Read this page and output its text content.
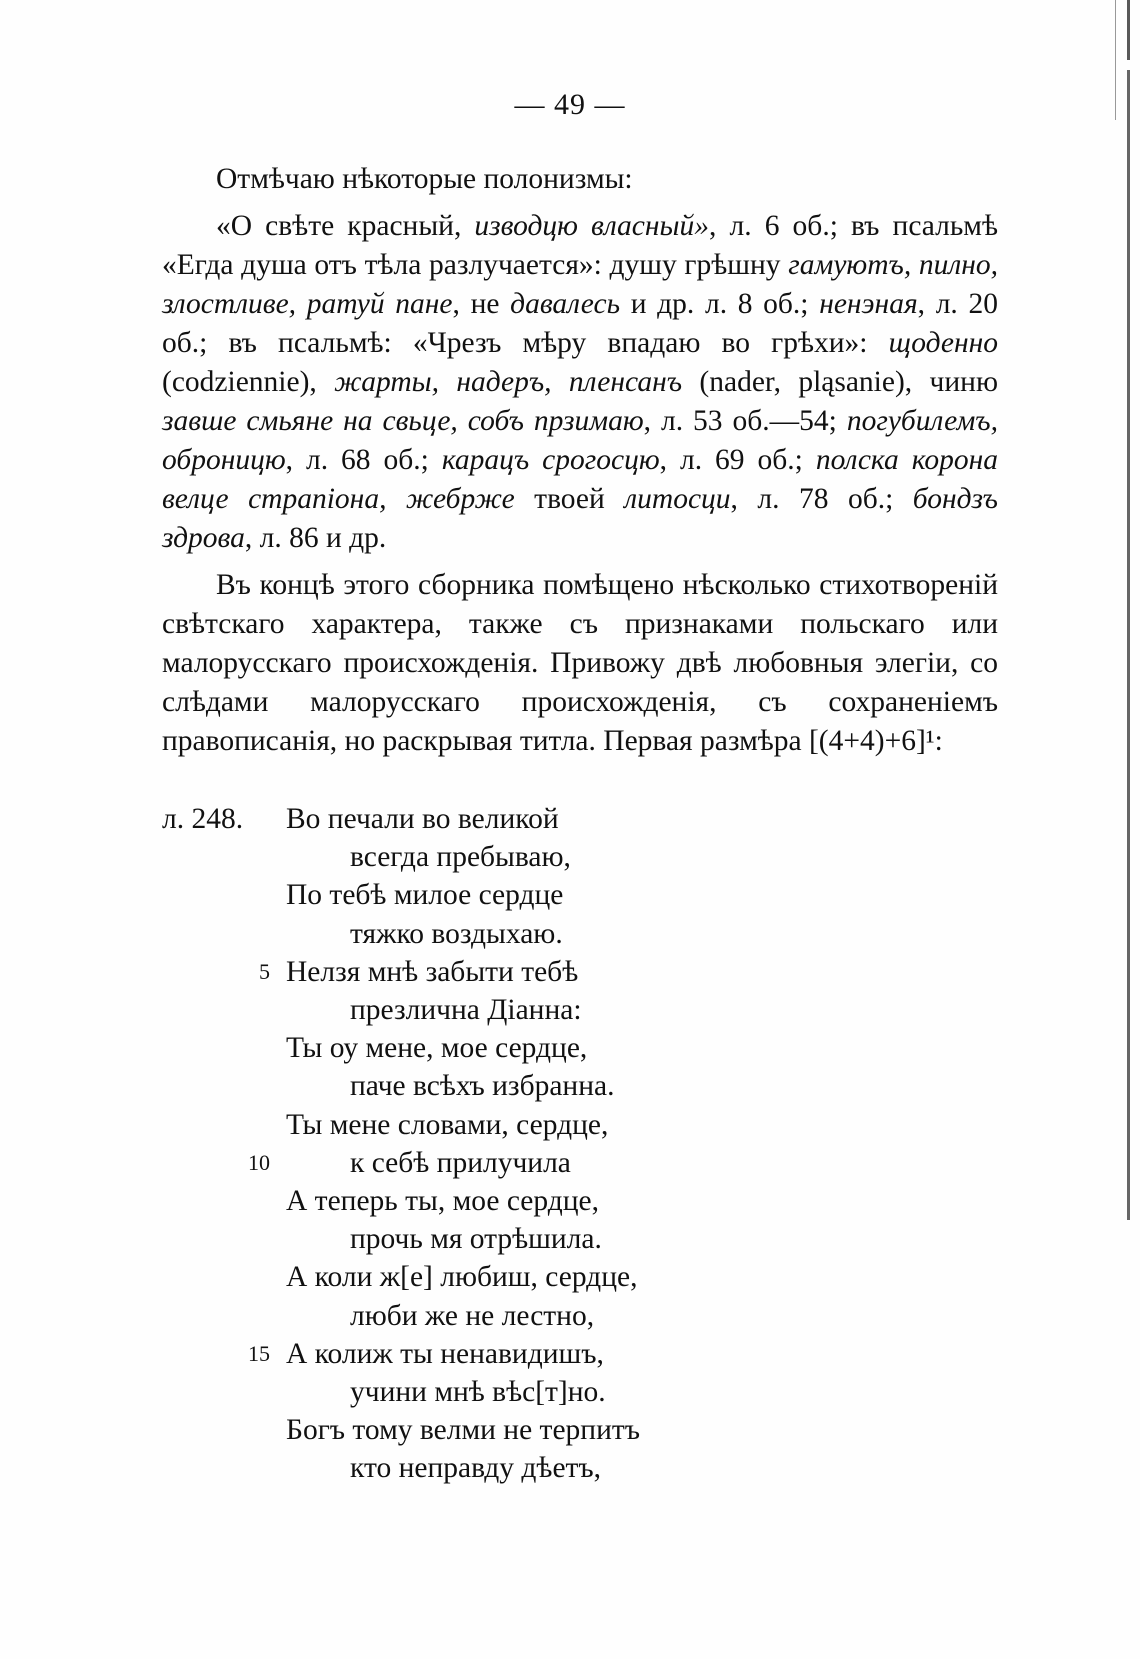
— 49 —

Отмѣчаю нѣкоторые полонизмы:

«О свѣте красный, изводцю власный», л. 6 об.; въ псальмѣ «Егда душа отъ тѣла разлучается»: душу грѣшну гамуютъ, пилно, злостливе, ратуй пане, не давалесь и др. л. 8 об.; ненэная, л. 20 об.; въ псальмѣ: «Чрезъ мѣру впадаю во грѣхи»: щоденно (codziennie), жарты, надеръ, пленсанъ (nader, pląsanie), чиню завше смьяне на свьце, собъ прзимаю, л. 53 об.—54; погубилемъ, оброницю, л. 68 об.; карацъ срогосцю, л. 69 об.; полска корона велце страпiона, жебрже твоей литосци, л. 78 об.; бондзъ здрова, л. 86 и др.

Въ концѣ этого сборника помѣщено нѣсколько стихотвореній свѣтскаго характера, также съ признаками польскаго или малорусскаго происхожденія. Привожу двѣ любовныя элегіи, со слѣдами малорусскаго происхожденія, съ сохраненіемъ правописанія, но раскрывая титла. Первая размѣра [(4+4)+6]¹:

л. 248. Во печали во великой
всегда пребываю,
По тебѣ милое сердце
тяжко воздыхаю.
Нелзя мнѣ забыти тебѣ
5
презлична Діанна:
Ты оу мене, мое сердце,
паче всѣхъ избранна.
Ты мене словами, сердце,
к себѣ прилучила
10
А теперь ты, мое сердце,
прочь мя отрѣшила.
А коли ж[е] любиш, сердце,
люби же не лестно,
А колиж ты ненавидишъ,
15
учини мнѣ вѣс[т]но.
Богъ тому велми не терпитъ
кто неправду дѣетъ,
